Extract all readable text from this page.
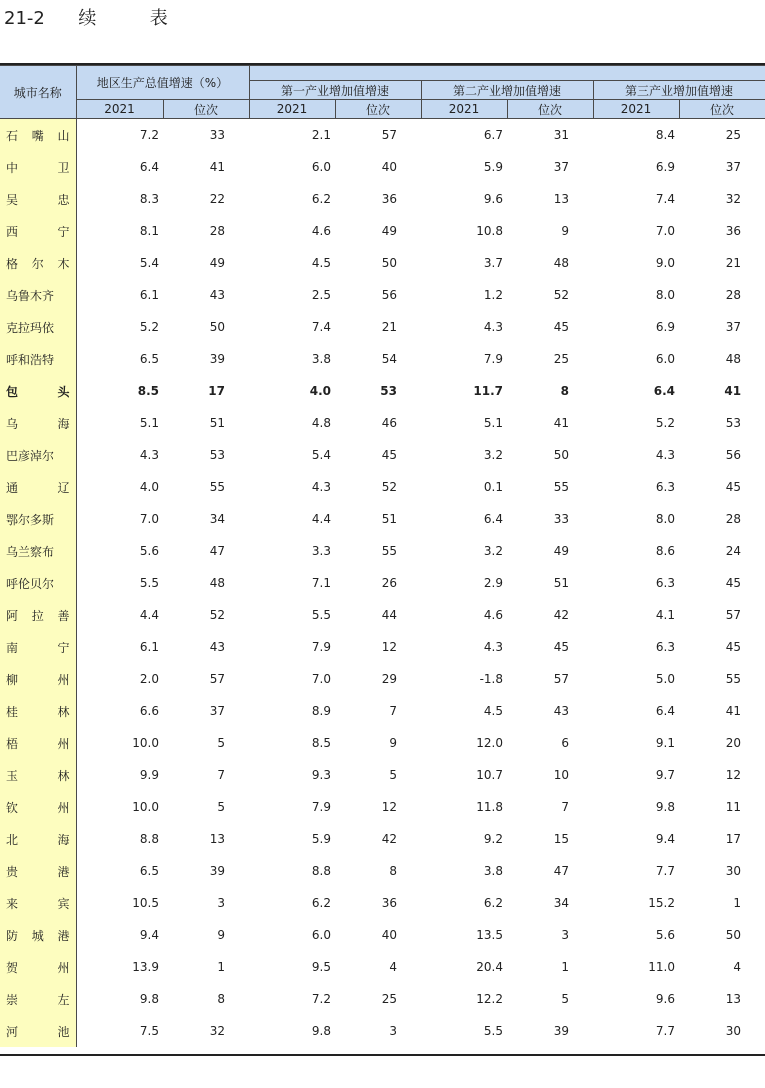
21-2 续	表
城市名称	地区生产总值增速（%）							
			第一产业增加值增速		第二产业增加值增速		第三产业增加值增速	
	2021	位次	2021	位次	2021	位次	2021	位次

石 嘴 山	7.2	33	2.1	57	6.7	31	8.4	25

中 卫	6.4	41	6.0	40	5.9	37	6.9	37

吴 忠	8.3	22	6.2	36	9.6	13	7.4	32

西 宁	8.1	28	4.6	49	10.8	9	7.0	36

格 尔 木	5.4	49	4.5	50	3.7	48	9.0	21

乌鲁木齐	6.1	43	2.5	56	1.2	52	8.0	28

克拉玛依	5.2	50	7.4	21	4.3	45	6.9	37

呼和浩特	6.5	39	3.8	54	7.9	25	6.0	48

包 头	8.5	17	4.0	53	11.7	8	6.4	41

乌 海	5.1	51	4.8	46	5.1	41	5.2	53

巴彦淖尔	4.3	53	5.4	45	3.2	50	4.3	56

通 辽	4.0	55	4.3	52	0.1	55	6.3	45

鄂尔多斯	7.0	34	4.4	51	6.4	33	8.0	28

乌兰察布	5.6	47	3.3	55	3.2	49	8.6	24

呼伦贝尔	5.5	48	7.1	26	2.9	51	6.3	45

阿 拉 善	4.4	52	5.5	44	4.6	42	4.1	57

南 宁	6.1	43	7.9	12	4.3	45	6.3	45

柳 州	2.0	57	7.0	29	-1.8	57	5.0	55

桂 林	6.6	37	8.9	7	4.5	43	6.4	41

梧 州	10.0	5	8.5	9	12.0	6	9.1	20

玉 林	9.9	7	9.3	5	10.7	10	9.7	12

钦 州	10.0	5	7.9	12	11.8	7	9.8	11

北 海	8.8	13	5.9	42	9.2	15	9.4	17

贵 港	6.5	39	8.8	8	3.8	47	7.7	30

来 宾	10.5	3	6.2	36	6.2	34	15.2	1

防 城 港	9.4	9	6.0	40	13.5	3	5.6	50

贺 州	13.9	1	9.5	4	20.4	1	11.0	4

崇 左	9.8	8	7.2	25	12.2	5	9.6	13

河 池	7.5	32	9.8	3	5.5	39	7.7	30
